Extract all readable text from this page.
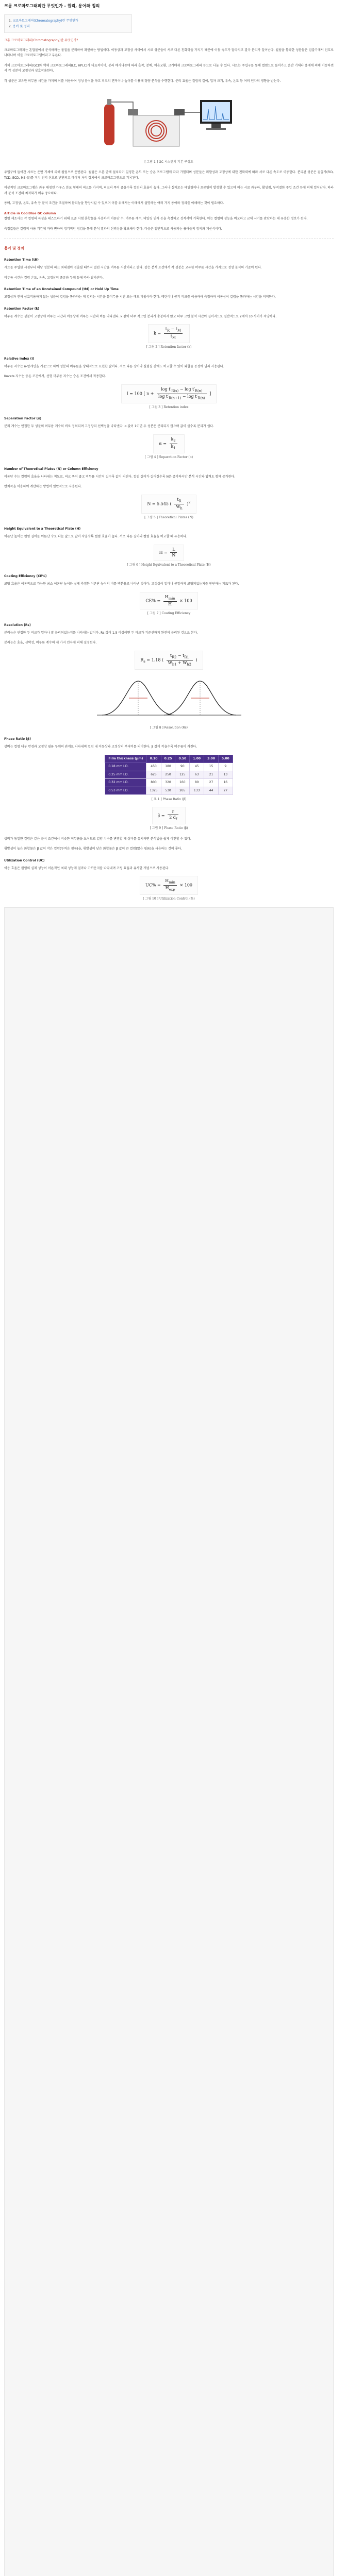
크롬 크로마토그래피란 무엇인가 - 원리, 용어와 정의
1. 크로마토그래피(Chromatography)란 무엇인가
2. 용어 및 정의
크롬 크로마토그래피(Chromatography)란 무엇인가?

크로마토그래피는 혼합물에서 분석하려는 물질을 분리하여 확인하는 방법이다. 이동상과 고정상 사이에서 시료 성분들이 서로 다른 친화력을 가지기 때문에 이동 속도가 달라지고 결국 분리가 일어난다. 컬럼을 통과한 성분들은 검출기에서 신호로 나타나며 이를 크로마토그램이라고 부른다.

기체 크로마토그래피(GC)와 액체 크로마토그래피(LC, HPLC)가 대표적이며, 분리 메커니즘에 따라 흡착, 분배, 이온교환, 크기배제 크로마토그래피 등으로 나눌 수 있다. 시료는 주입구를 통해 컬럼으로 들어가고 운반 기체나 용매에 의해 이동하면서 각 성분이 고정상과 상호작용한다.

각 성분은 고유한 머무름 시간을 가지며 이를 이용하여 정성 분석을 하고 피크의 면적이나 높이를 이용해 정량 분석을 수행한다. 분리 효율은 컬럼의 길이, 입자 크기, 유속, 온도 등 여러 인자의 영향을 받는다.

[ 그림 1 ] GC 시스템의 기본 구성도

주입구에 들어간 시료는 운반 기체에 의해 컬럼으로 운반된다. 컬럼은 오븐 안에 설치되어 일정한 온도 또는 승온 프로그램에 따라 가열되며 성분들은 휘발성과 고정상에 대한 친화력에 따라 서로 다른 속도로 이동한다. 분리된 성분은 검출기(FID, TCD, ECD, MS 등)를 거쳐 전기 신호로 변환되고 데이터 처리 장치에서 크로마토그램으로 기록된다.

이상적인 크로마토그램은 좌우 대칭인 가우스 분포 형태의 피크를 가지며, 피크의 폭이 좁을수록 컬럼의 효율이 높다. 그러나 실제로는 테일링이나 프론팅이 발생할 수 있으며 이는 시료 과부하, 활성점, 부적절한 주입 조건 등에 의해 일어난다. 따라서 분석 조건의 최적화가 매우 중요하다.

용매, 고정상, 온도, 유속 등 분석 조건을 조절하여 분리능을 향상시킬 수 있으며 이를 위해서는 아래에서 설명하는 여러 가지 용어와 정의를 이해하는 것이 필요하다.

Article in CoolBlue GC column

컬럼 제조사는 각 컬럼의 특성을 테스트하기 위해 표준 시험 혼합물을 사용하여 이론단 수, 머무름 계수, 테일링 인자 등을 측정하고 성적서에 기록한다. 이는 컬럼의 성능을 비교하고 교체 시기를 판단하는 데 유용한 정보가 된다.

측정값들은 컬럼의 사용 기간에 따라 변하며 정기적인 점검을 통해 분석 결과의 신뢰성을 확보해야 한다. 다음은 일반적으로 사용되는 용어들의 정의와 계산식이다.

용어 및 정의
Retention Time (tR)

시료를 주입한 시점부터 해당 성분의 피크 최대점이 검출될 때까지 걸린 시간을 머무름 시간이라고 한다. 같은 분석 조건에서 각 성분은 고유한 머무름 시간을 가지므로 정성 분석의 기준이 된다.

머무름 시간은 컬럼 온도, 유속, 고정상의 종류와 두께 등에 따라 달라진다.

Retention Time of an Unretained Compound (tM) or Hold Up Time

고정상과 전혀 상호작용하지 않는 성분이 컬럼을 통과하는 데 걸리는 시간을 불머무름 시간 또는 데드 타임이라 한다. 메탄이나 공기 피크를 이용하여 측정하며 이동상이 컬럼을 통과하는 시간을 의미한다.

Retention Factor (k)

머무름 계수는 성분이 고정상에 머무는 시간과 이동상에 머무는 시간의 비를 나타낸다. k 값이 너무 작으면 분리가 충분하지 않고 너무 크면 분석 시간이 길어지므로 일반적으로 2에서 10 사이가 적당하다.

$k = \frac{t_R - t_M}{t_M}$
[ 그림 2 ] Retention factor (k)
Relative Index (I)

머무름 지수는 n-알케인을 기준으로 하여 성분의 머무름을 상대적으로 표현한 값이다. 서로 다른 장비나 실험실 간에도 비교할 수 있어 화합물 동정에 널리 사용된다.

Kovats 지수는 등온 조건에서, 선형 머무름 지수는 승온 조건에서 적용한다.

I = 100 [ $n + \frac{\log t'_{R(x)} - \log t'_{R(n)}}{\log t'_{R(n+1)} - \log t'_{R(n)}}$ ]
[ 그림 3 ] Retention index
Separation Factor (α)

분리 계수는 인접한 두 성분의 머무름 계수의 비로 정의되며 고정상의 선택성을 나타낸다. α 값이 1이면 두 성분은 분리되지 않으며 값이 클수록 분리가 쉽다.

$\alpha = \frac{k_2}{k_1}$
[ 그림 4 ] Separation Factor (α)
Number of Theoretical Plates (N) or Column Efficiency

이론단 수는 컬럼의 효율을 나타내는 척도로, 피크 폭이 좁고 머무름 시간이 길수록 값이 커진다. 컬럼 길이가 길어질수록 N은 증가하지만 분석 시간과 압력도 함께 증가한다.

반치폭을 이용하여 계산하는 방법이 일반적으로 사용된다.

N = 5.545 ( $\frac{t_R}{W_h} )^2$
[ 그림 5 ] Theoretical Plates (N)
Height Equivalent to a Theoretical Plate (H)

이론단 높이는 컬럼 길이를 이론단 수로 나눈 값으로 값이 작을수록 컬럼 효율이 높다. 서로 다른 길이의 컬럼 효율을 비교할 때 유용하다.

$H = \frac{L}{N}$
[ 그림 6 ] Height Equivalent to a Theoretical Plate (H)
Coating Efficiency (CE%)

코팅 효율은 이론적으로 가능한 최소 이론단 높이와 실제 측정한 이론단 높이의 비를 백분율로 나타낸 것이다. 고정상이 얼마나 균일하게 코팅되었는지를 판단하는 지표가 된다.

$CE\% = \frac{H_{min}}{H} \times 100$
[ 그림 7 ] Coating Efficiency
Resolution (Rs)

분리능은 인접한 두 피크가 얼마나 잘 분리되었는지를 나타내는 값이다. Rs 값이 1.5 이상이면 두 피크가 기준선까지 완전히 분리된 것으로 본다.

분리능은 효율, 선택성, 머무름 계수의 세 가지 인자에 의해 결정된다.

$R_s = 1.18$ ( $\frac{t_{R2} - t_{R1}}{W_{h1} + W_{h2}}$ )
[ 그림 8 ] Resolution (Rs)
Phase Ratio (β)

상비는 컬럼 내부 반경과 고정상 필름 두께의 관계로 나타내며 컬럼 내 이동상과 고정상의 부피비를 의미한다. β 값이 작을수록 머무름이 커진다.

Film thickness (μm)	0.10	0.25	0.50	1.00	3.00	5.00
0.18 mm I.D.	450	180	90	45	15	9
0.25 mm I.D.	625	250	125	63	21	13
0.32 mm I.D.	800	320	160	80	27	16
0.53 mm I.D.	1325	530	265	133	44	27
[ 표 1 ] Phase Ratio (β)
$\beta = \frac{r}{2 d_f}$
[ 그림 9 ] Phase Ratio (β)

상비가 동일한 컬럼은 같은 분석 조건에서 비슷한 머무름을 보이므로 컬럼 치수를 변경할 때 상비를 유지하면 분석법을 쉽게 이전할 수 있다.

휘발성이 높은 화합물은 β 값이 작은 컬럼(두꺼운 필름)을, 휘발성이 낮은 화합물은 β 값이 큰 컬럼(얇은 필름)을 사용하는 것이 좋다.

Utilization Control (UC)

이용 효율은 컬럼의 실제 성능이 이론적인 최대 성능에 얼마나 가까운지를 나타내며 코팅 효율과 유사한 개념으로 사용된다.

$UC\% = \frac{H_{min}}{H_{exp}} \times 100$
[ 그림 10 ] Utilization Control (%)
